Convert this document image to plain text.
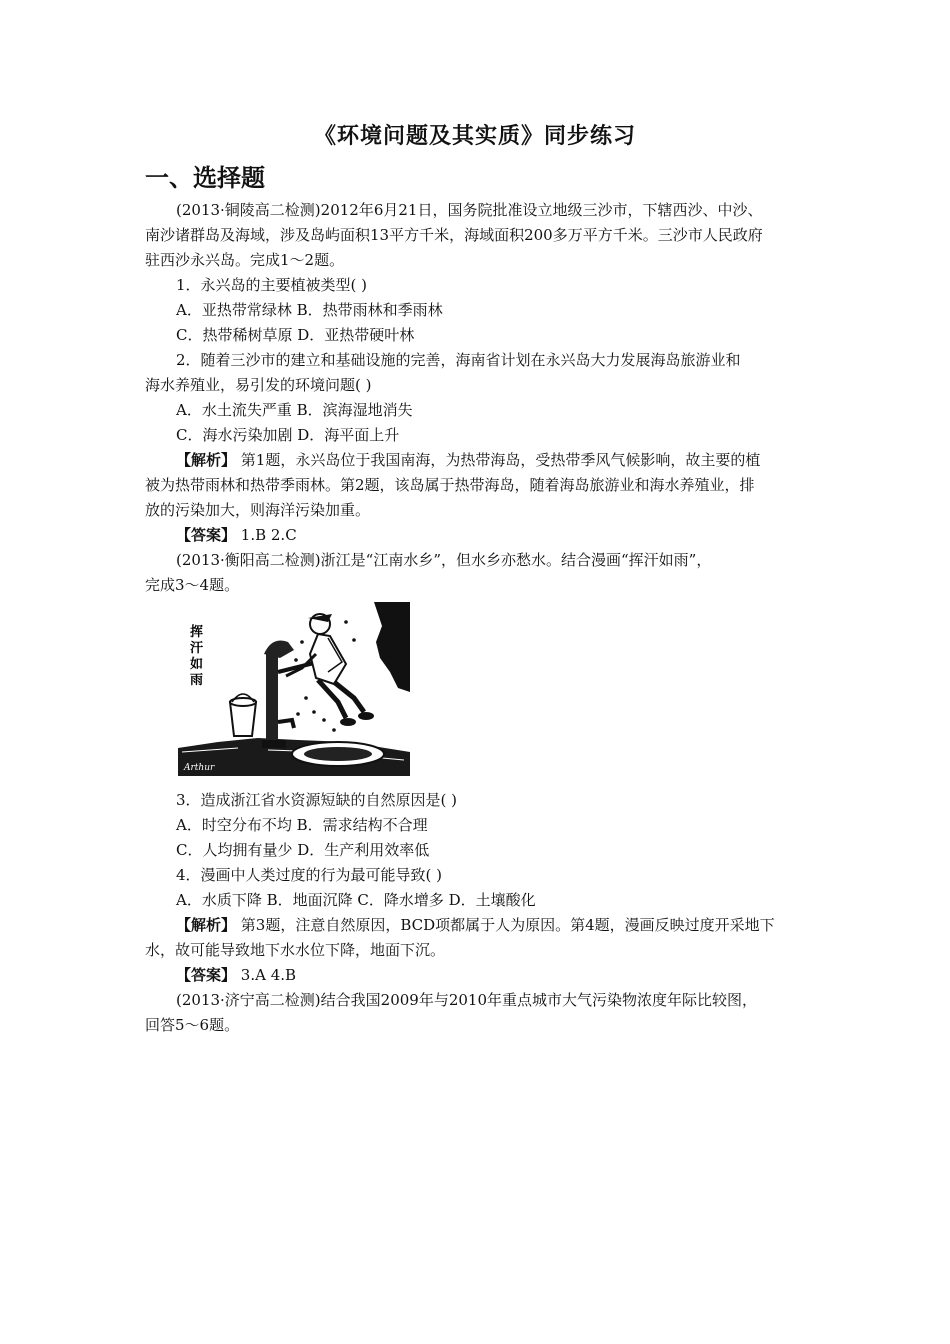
《环境问题及其实质》同步练习
一、选择题
(2013·铜陵高二检测)2012年6月21日，国务院批准设立地级三沙市，下辖西沙、中沙、
南沙诸群岛及海域，涉及岛屿面积13平方千米，海域面积200多万平方千米。三沙市人民政府
驻西沙永兴岛。完成1～2题。
1．永兴岛的主要植被类型( )
A．亚热带常绿林 B．热带雨林和季雨林
C．热带稀树草原 D．亚热带硬叶林
2．随着三沙市的建立和基础设施的完善，海南省计划在永兴岛大力发展海岛旅游业和
海水养殖业，易引发的环境问题( )
A．水土流失严重 B．滨海湿地消失
C．海水污染加剧 D．海平面上升
【解析】 第1题，永兴岛位于我国南海，为热带海岛，受热带季风气候影响，故主要的植
被为热带雨林和热带季雨林。第2题，该岛属于热带海岛，随着海岛旅游业和海水养殖业，排
放的污染加大，则海洋污染加重。
【答案】 1.B 2.C
(2013·衡阳高二检测)浙江是“江南水乡”，但水乡亦愁水。结合漫画“挥汗如雨”，
完成3～4题。
挥
汗
如
雨
Arthur
3．造成浙江省水资源短缺的自然原因是( )
A．时空分布不均 B．需求结构不合理
C．人均拥有量少 D．生产利用效率低
4．漫画中人类过度的行为最可能导致( )
A．水质下降 B．地面沉降 C．降水增多 D．土壤酸化
【解析】 第3题，注意自然原因，BCD项都属于人为原因。第4题，漫画反映过度开采地下
水，故可能导致地下水水位下降，地面下沉。
【答案】 3.A 4.B
(2013·济宁高二检测)结合我国2009年与2010年重点城市大气污染物浓度年际比较图，
回答5～6题。
